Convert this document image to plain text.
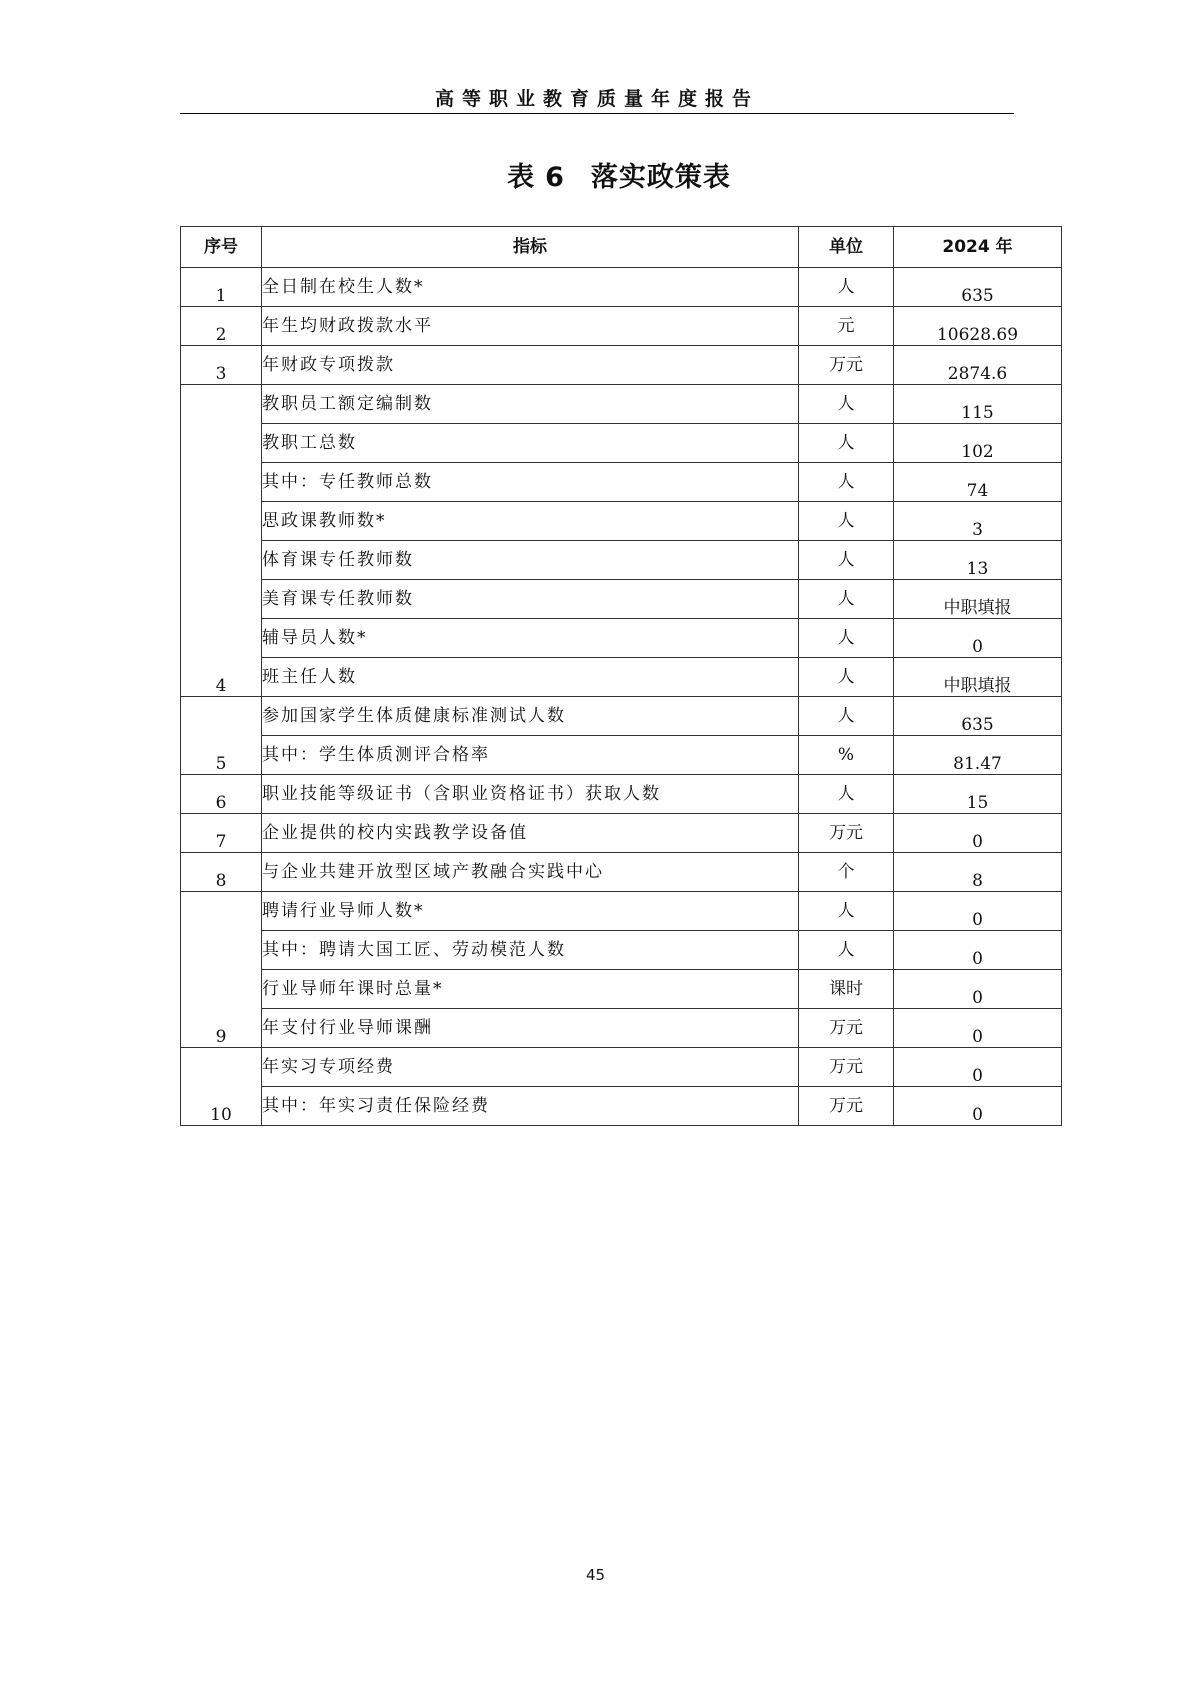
高等职业教育质量年度报告
表 6 落实政策表
序号	指标	单位	2024 年
1	全日制在校生人数*	人	635
2	年生均财政拨款水平	元	10628.69
3	年财政专项拨款	万元	2874.6
4	教职员工额定编制数	人	115
	教职工总数	人	102
	其中：专任教师总数	人	74
	思政课教师数*	人	3
	体育课专任教师数	人	13
	美育课专任教师数	人	中职填报
	辅导员人数*	人	0
	班主任人数	人	中职填报
5	参加国家学生体质健康标准测试人数	人	635
	其中：学生体质测评合格率	%	81.47
6	职业技能等级证书（含职业资格证书）获取人数	人	15
7	企业提供的校内实践教学设备值	万元	0
8	与企业共建开放型区域产教融合实践中心	个	8
9	聘请行业导师人数*	人	0
	其中：聘请大国工匠、劳动模范人数	人	0
	行业导师年课时总量*	课时	0
	年支付行业导师课酬	万元	0
10	年实习专项经费	万元	0
	其中：年实习责任保险经费	万元	0
45
